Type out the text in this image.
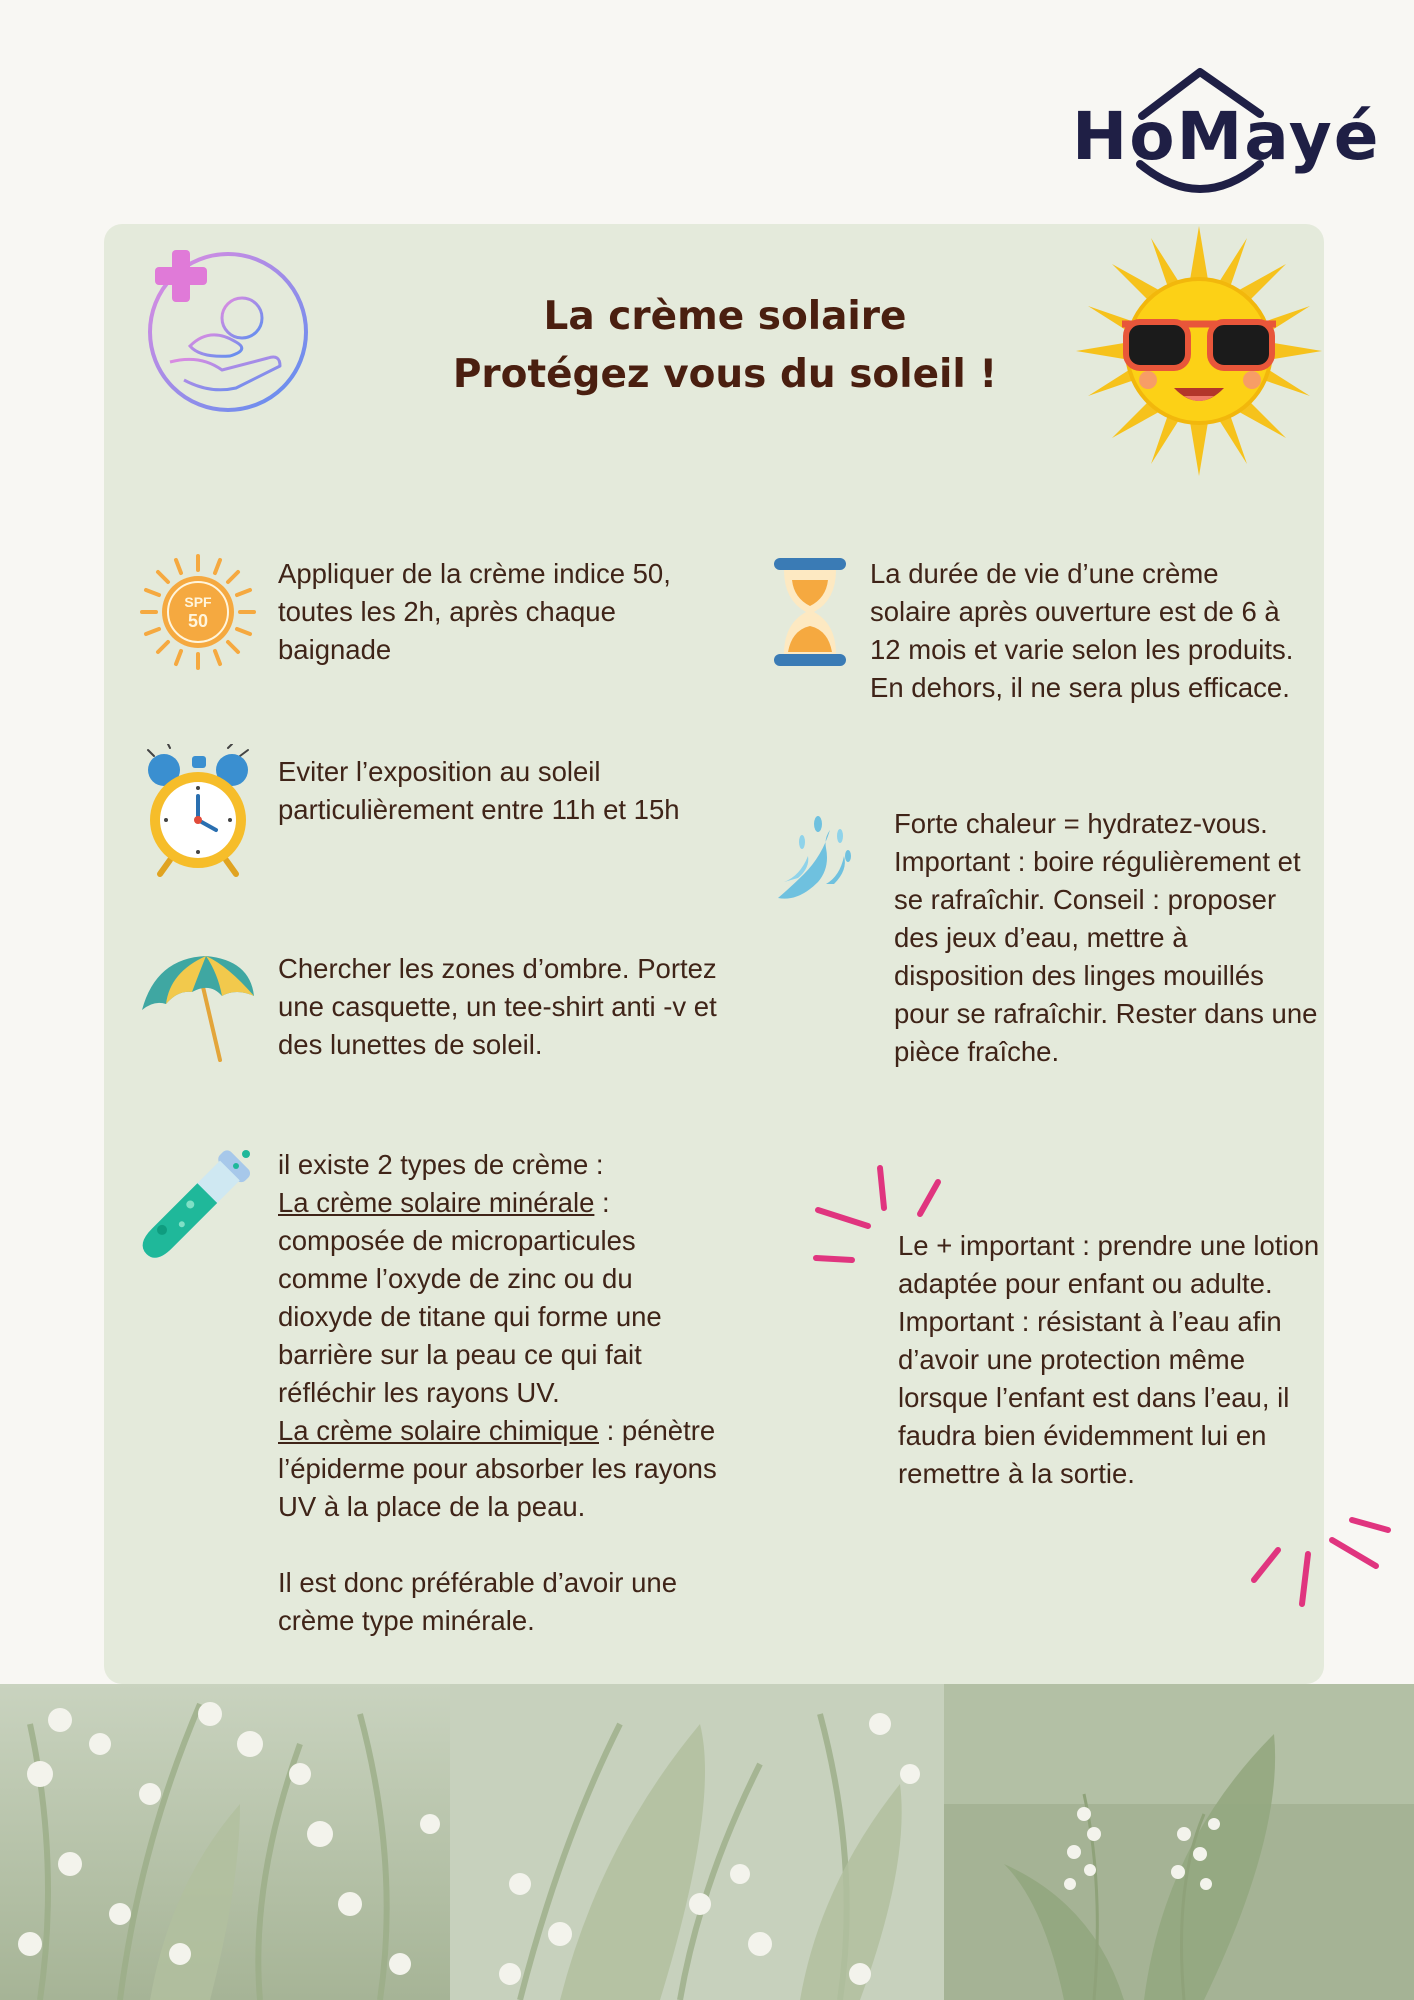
HoMayé
La crème solaire
Protégez vous du soleil !
SPF
50

Appliquer de la crème indice 50, toutes les 2h, après chaque baignade

La durée de vie d’une crème solaire après ouverture est de 6 à 12 mois et varie selon les produits. En dehors, il ne sera plus efficace.

Eviter l’exposition au soleil particulièrement entre 11h et 15h	Forte chaleur = hydratez-vous. Important : boire régulièrement et se rafraîchir. Conseil : proposer des jeux d’eau, mettre à disposition des linges mouillés pour se rafraîchir. Rester dans une pièce fraîche.

Chercher les zones d’ombre. Portez une casquette, un tee-shirt anti -v et des lunettes de soleil.

il existe 2 types de crème :

La crème solaire minérale : composée de microparticules comme l’oxyde de zinc ou du dioxyde de titane qui forme une barrière sur la peau ce qui fait réfléchir les rayons UV.

La crème solaire chimique : pénètre l’épiderme pour absorber les rayons UV à la place de la peau.

Il est donc préférable d’avoir une crème type minérale.

Le + important : prendre une lotion adaptée pour enfant ou adulte.

Important : résistant à l’eau afin d’avoir une protection même lorsque l’enfant est dans l’eau, il faudra bien évidemment lui en remettre à la sortie.
